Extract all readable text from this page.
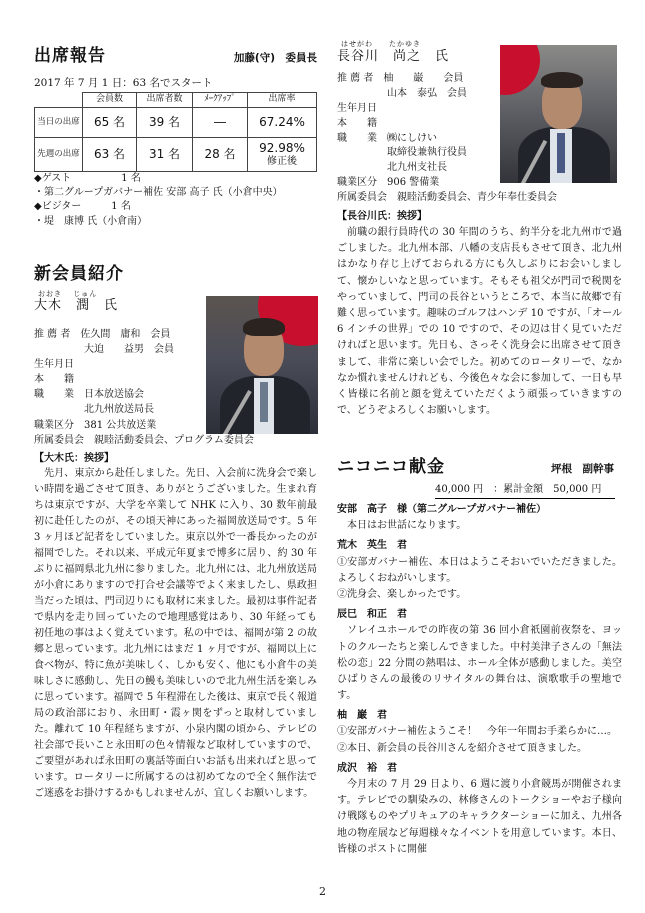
出席報告	加藤(守)　委員長
2017 年 7 月 1 日：63 名でスタート
	会員数	出席者数	ﾒｰｸｱｯﾌﾟ	出席率
当日の出席	65 名	39 名	―	67.24%
先週の出席	63 名	31 名	28 名	92.98%
修正後
◆ゲスト　　　　　1 名
・第二グループガバナー補佐 安部 高子 氏（小倉中央）
◆ビジター　　　1 名
・堤　康博 氏（小倉南）
新会員紹介
おおき　 じゅん
大木　潤　氏
推 薦 者　佐久間　庸和　会員
　　　　　大迫　　益男　会員
生年月日
本　　籍
職　　業　日本放送協会
　　　　　北九州放送局長
職業区分　381 公共放送業
所属委員会　親睦活動委員会、プログラム委員会
【大木氏：挨拶】
先月、東京から赴任しました。先日、入会前に洗身会で楽しい時間を過ごさせて頂き、ありがとうございました。生まれ育ちは東京ですが、大学を卒業して NHK に入り、30 数年前最初に赴任したのが、その頃天神にあった福岡放送局です。5 年 3 ヶ月ほど記者をしていました。東京以外で一番長かったのが福岡でした。それ以来、平成元年夏まで博多に居り、約 30 年ぶりに福岡県北九州に参りました。北九州には、北九州放送局が小倉にありますので打合せ会議等でよく来ましたし、県政担当だった頃は、門司辺りにも取材に来ました。最初は事件記者で県内を走り回っていたので地理感覚はあり、30 年経っても初任地の事はよく覚えています。私の中では、福岡が第 2 の故郷と思っています。北九州にはまだ 1 ヶ月ですが、福岡以上に食べ物が、特に魚が美味しく、しかも安く、他にも小倉牛の美味しさに感動し、先日の鰻も美味しいので北九州生活を楽しみに思っています。福岡で 5 年程滞在した後は、東京で長く報道局の政治部におり、永田町・霞ヶ関をずっと取材していました。離れて 10 年程経ちますが、小泉内閣の頃から、テレビの社会部で長いこと永田町の色々情報など取材していますので、ご要望があれば永田町の裏話等面白いお話も出来ればと思っています。ロータリーに所属するのは初めてなので全く無作法でご迷惑をお掛けするかもしれませんが、宜しくお願いします。
はせがわ　　たかゆき
長谷川　尚之　氏
推 薦 者　柚　　巌　　会員
　　　　　山本　泰弘　会員
生年月日
本　　籍
職　　業　㈱にしけい
　　　　　取締役兼執行役員
　　　　　北九州支社長
職業区分　906 警備業
所属委員会　親睦活動委員会、青少年奉仕委員会
【長谷川氏：挨拶】
前職の銀行員時代の 30 年間のうち、約半分を北九州市で過ごしました。北九州本部、八幡の支店長もさせて頂き、北九州はかなり存じ上げておられる方にも久しぶりにお会いしまして、懐かしいなと思っています。そもそも祖父が門司で税関をやっていまして、門司の長谷というところで、本当に故郷で有難く思っています。趣味のゴルフはハンデ 10 ですが、「オール 6 インチの世界」での 10 ですので、その辺は甘く見ていただければと思います。先日も、さっそく洗身会に出席させて頂きまして、非常に楽しい会でした。初めてのロータリーで、なかなか慣れませんけれども、今後色々な会に参加して、一日も早く皆様に名前と顔を覚えていただくよう頑張っていきますので、どうぞよろしくお願いします。
ニコニコ献金	坪根　副幹事
40,000 円　：累計金額　50,000 円
安部　高子　様（第二グループガバナー補佐）
本日はお世話になります。
荒木　英生　君
①安部ガバナー補佐、本日はようこそおいでいただきました。よろしくおねがいします。
②洗身会、楽しかったです。
辰巳　和正　君
ソレイユホールでの昨夜の第 36 回小倉祇園前夜祭を、ヨットのクルーたちと楽しんできました。中村美津子さんの「無法松の恋」22 分間の熱唱は、ホール全体が感動しました。美空ひばりさんの最後のリサイタルの舞台は、演歌歌手の聖地です。
柚　巌　君
①安部ガバナー補佐ようこそ！　今年一年間お手柔らかに…。
②本日、新会員の長谷川さんを紹介させて頂きました。
成沢　裕　君
今月末の 7 月 29 日より、6 週に渡り小倉競馬が開催されます。テレビでの馴染みの、林修さんのトークショーやお子様向け戦隊ものやプリキュアのキャラクターショーに加え、九州各地の物産展など毎週様々なイベントを用意しています。本日、皆様のポストに開催
2
